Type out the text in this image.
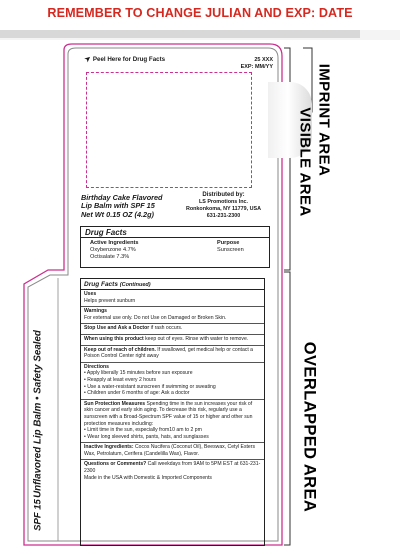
REMEMBER TO CHANGE JULIAN AND EXP: DATE
➤Peel Here for Drug Facts	25 XXX
EXP: MM/YY
Birthday Cake Flavored
Lip Balm with SPF 15
Net Wt 0.15 OZ (4.2g)
Distributed by:
LS Promotions Inc.
Ronkonkoma, NY 11779, USA
631-231-2300
Drug Facts
Active Ingredients
Oxybenzone 4.7%
Octisalate 7.3%
Purpose
Sunscreen
Drug Facts (Continued)
Uses
Helps prevent sunburn
Warnings
For external use only. Do not Use on Damaged or Broken Skin.
Stop Use and Ask a Doctor if rash occurs.
When using this product keep out of eyes. Rinse with water to remove.
Keep out of reach of children. If swallowed, get medical help or contact a Poison Control Center right away
Directions
• Apply liberally 15 minutes before sun exposure
• Reapply at least every 2 hours
• Use a water-resistant sunscreen if swimming or sweating
• Children under 6 months of age: Ask a doctor
Sun Protection Measures Spending time in the sun increases your risk of skin cancer and early skin aging. To decrease this risk, regularly use a sunscreen with a Broad-Spectrum SPF value of 15 or higher and other sun protection measures including:
• Limit time in the sun, especially from10 am to 2 pm
• Wear long sleeved shirts, pants, hats, and sunglasses
Inactive Ingredients: Cocos Nucifera (Coconut Oil), Beeswax, Cetyl Esters Wax, Petrolatum, Cerifera (Candelilla Wax), Flavor.
Questions or Comments? Call weekdays from 9AM to 5PM EST at 631-231-2300
Made in the USA with Domestic & Imported Components
Unflavored Lip Balm • Safety Sealed
SPF 15
IMPRINT AREA
VISIBLE AREA
OVERLAPPED AREA
